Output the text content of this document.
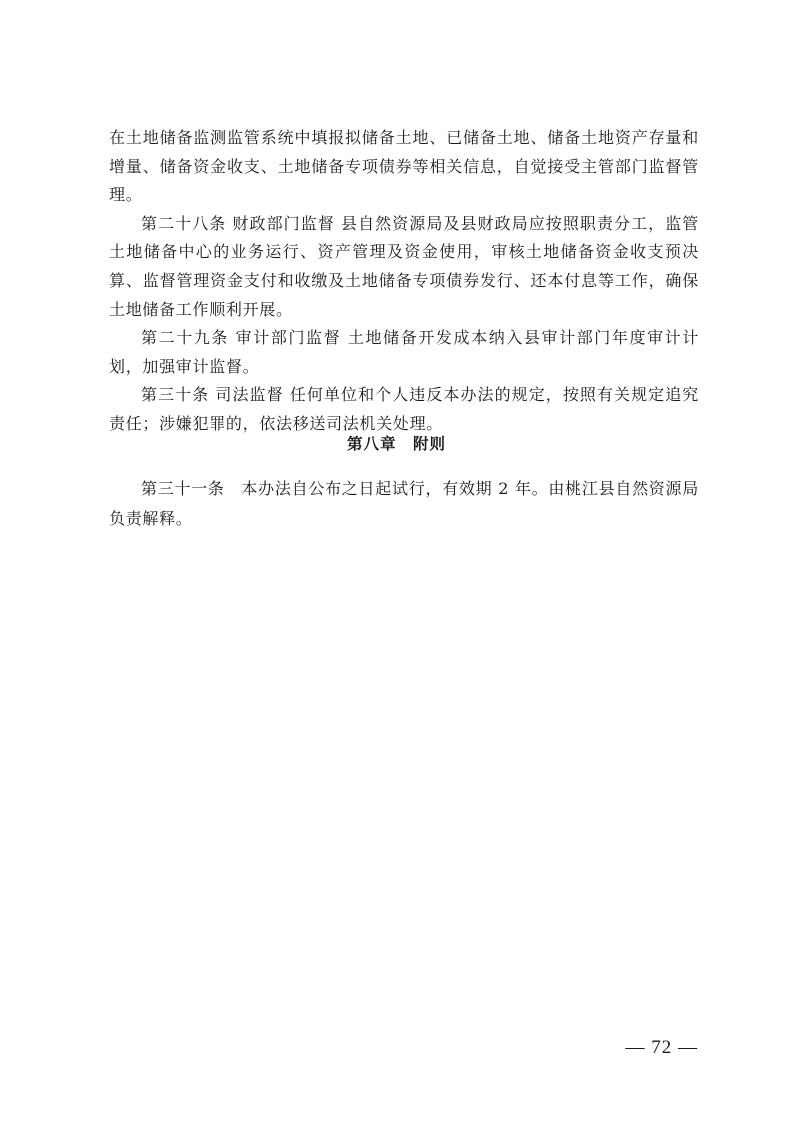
在土地储备监测监管系统中填报拟储备土地、已储备土地、储备土地资产存量和增量、储备资金收支、土地储备专项债券等相关信息，自觉接受主管部门监督管理。

第二十八条 财政部门监督 县自然资源局及县财政局应按照职责分工，监管土地储备中心的业务运行、资产管理及资金使用，审核土地储备资金收支预决算、监督管理资金支付和收缴及土地储备专项债券发行、还本付息等工作，确保土地储备工作顺利开展。

第二十九条 审计部门监督 土地储备开发成本纳入县审计部门年度审计计划，加强审计监督。

第三十条 司法监督 任何单位和个人违反本办法的规定，按照有关规定追究责任；涉嫌犯罪的，依法移送司法机关处理。

第八章　附则

第三十一条　本办法自公布之日起试行，有效期 2 年。由桃江县自然资源局负责解释。

— 72 —
